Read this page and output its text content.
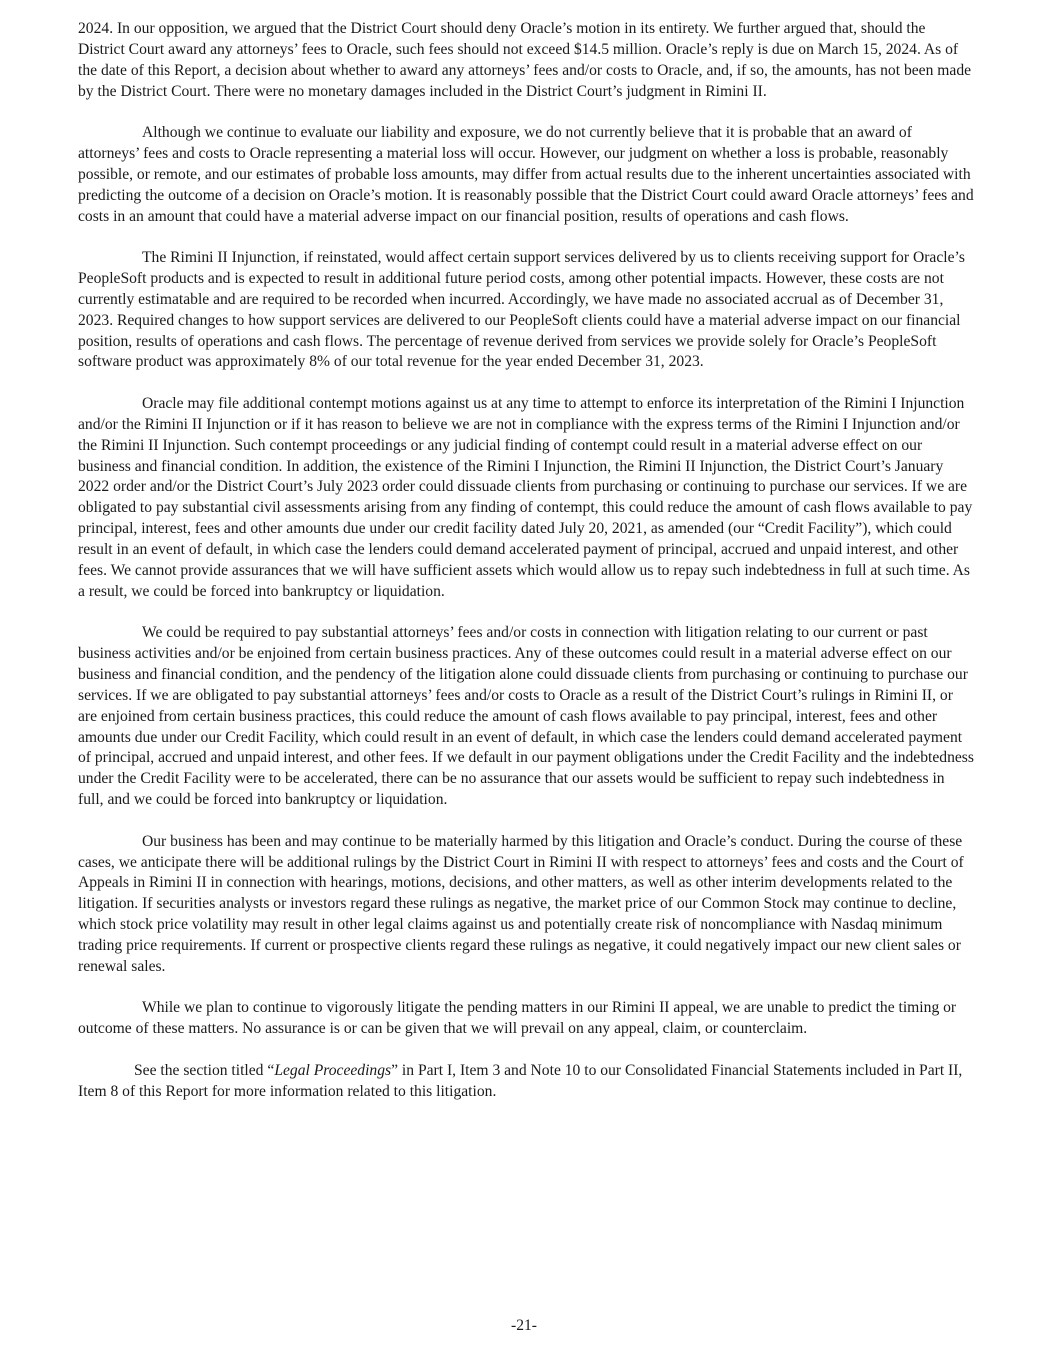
2024. In our opposition, we argued that the District Court should deny Oracle’s motion in its entirety. We further argued that, should the District Court award any attorneys’ fees to Oracle, such fees should not exceed $14.5 million. Oracle’s reply is due on March 15, 2024. As of the date of this Report, a decision about whether to award any attorneys’ fees and/or costs to Oracle, and, if so, the amounts, has not been made by the District Court. There were no monetary damages included in the District Court’s judgment in Rimini II.

Although we continue to evaluate our liability and exposure, we do not currently believe that it is probable that an award of attorneys’ fees and costs to Oracle representing a material loss will occur. However, our judgment on whether a loss is probable, reasonably possible, or remote, and our estimates of probable loss amounts, may differ from actual results due to the inherent uncertainties associated with predicting the outcome of a decision on Oracle’s motion. It is reasonably possible that the District Court could award Oracle attorneys’ fees and costs in an amount that could have a material adverse impact on our financial position, results of operations and cash flows.

The Rimini II Injunction, if reinstated, would affect certain support services delivered by us to clients receiving support for Oracle’s PeopleSoft products and is expected to result in additional future period costs, among other potential impacts. However, these costs are not currently estimatable and are required to be recorded when incurred. Accordingly, we have made no associated accrual as of December 31, 2023. Required changes to how support services are delivered to our PeopleSoft clients could have a material adverse impact on our financial position, results of operations and cash flows. The percentage of revenue derived from services we provide solely for Oracle’s PeopleSoft software product was approximately 8% of our total revenue for the year ended December 31, 2023.

Oracle may file additional contempt motions against us at any time to attempt to enforce its interpretation of the Rimini I Injunction and/or the Rimini II Injunction or if it has reason to believe we are not in compliance with the express terms of the Rimini I Injunction and/or the Rimini II Injunction. Such contempt proceedings or any judicial finding of contempt could result in a material adverse effect on our business and financial condition. In addition, the existence of the Rimini I Injunction, the Rimini II Injunction, the District Court’s January 2022 order and/or the District Court’s July 2023 order could dissuade clients from purchasing or continuing to purchase our services. If we are obligated to pay substantial civil assessments arising from any finding of contempt, this could reduce the amount of cash flows available to pay principal, interest, fees and other amounts due under our credit facility dated July 20, 2021, as amended (our “Credit Facility”), which could result in an event of default, in which case the lenders could demand accelerated payment of principal, accrued and unpaid interest, and other fees. We cannot provide assurances that we will have sufficient assets which would allow us to repay such indebtedness in full at such time. As a result, we could be forced into bankruptcy or liquidation.

We could be required to pay substantial attorneys’ fees and/or costs in connection with litigation relating to our current or past business activities and/or be enjoined from certain business practices. Any of these outcomes could result in a material adverse effect on our business and financial condition, and the pendency of the litigation alone could dissuade clients from purchasing or continuing to purchase our services. If we are obligated to pay substantial attorneys’ fees and/or costs to Oracle as a result of the District Court’s rulings in Rimini II, or are enjoined from certain business practices, this could reduce the amount of cash flows available to pay principal, interest, fees and other amounts due under our Credit Facility, which could result in an event of default, in which case the lenders could demand accelerated payment of principal, accrued and unpaid interest, and other fees. If we default in our payment obligations under the Credit Facility and the indebtedness under the Credit Facility were to be accelerated, there can be no assurance that our assets would be sufficient to repay such indebtedness in full, and we could be forced into bankruptcy or liquidation.

Our business has been and may continue to be materially harmed by this litigation and Oracle’s conduct. During the course of these cases, we anticipate there will be additional rulings by the District Court in Rimini II with respect to attorneys’ fees and costs and the Court of Appeals in Rimini II in connection with hearings, motions, decisions, and other matters, as well as other interim developments related to the litigation. If securities analysts or investors regard these rulings as negative, the market price of our Common Stock may continue to decline, which stock price volatility may result in other legal claims against us and potentially create risk of noncompliance with Nasdaq minimum trading price requirements. If current or prospective clients regard these rulings as negative, it could negatively impact our new client sales or renewal sales.

While we plan to continue to vigorously litigate the pending matters in our Rimini II appeal, we are unable to predict the timing or outcome of these matters. No assurance is or can be given that we will prevail on any appeal, claim, or counterclaim.

See the section titled “Legal Proceedings” in Part I, Item 3 and Note 10 to our Consolidated Financial Statements included in Part II, Item 8 of this Report for more information related to this litigation.

-21-
